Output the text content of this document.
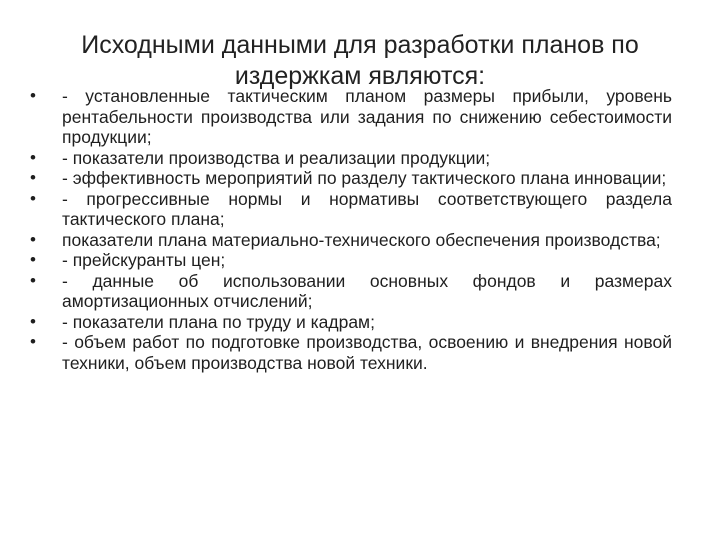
Исходными данными для разработки планов по
издержкам являются:
•	- установленные тактическим планом размеры прибыли, уровень рентабельности производства или задания по снижению себестоимости продукции;
•	- показатели производства и реализации продукции;
•	- эффективность мероприятий по разделу тактического плана инновации;
•	- прогрессивные нормы и нормативы соответствующего раздела тактического плана;
•	показатели плана материально-технического обеспечения производства;
•	- прейскуранты цен;
•	- данные об использовании основных фондов и размерах амортизационных отчислений;
•	- показатели плана по труду и кадрам;
•	- объем работ по подготовке производства, освоению и внедрения новой техники, объем производства новой техники.
